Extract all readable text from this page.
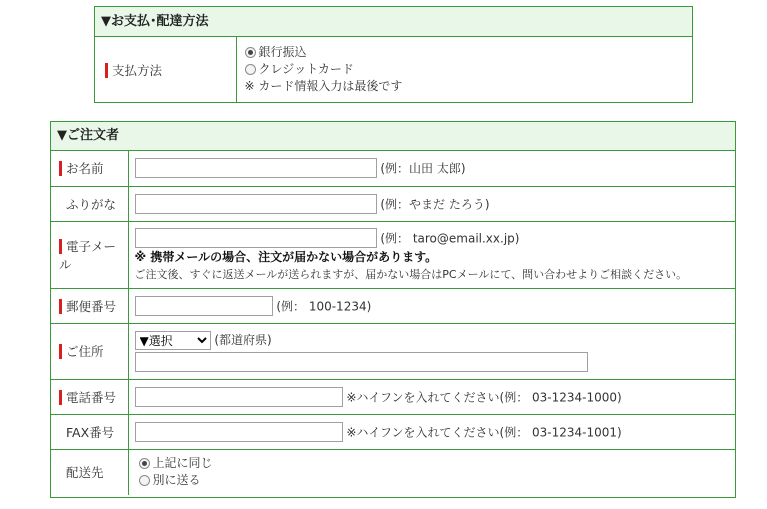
▼お支払･配達方法
支払方法

銀行振込
クレジットカード
※ カード情報入力は最後です
▼ご注文者
お名前	(例：山田 太郎)

ふりがな	(例：やまだ たろう)

電子メール	(例： taro@email.xx.jp)
※ 携帯メールの場合、注文が届かない場合があります。
ご注文後、すぐに返送メールが送られますが、届かない場合はPCメールにて、問い合わせよりご相談ください。

郵便番号	(例： 100-1234)

ご住所

▼選択 (都道府県)

電話番号	※ハイフンを入れてください(例： 03-1234-1000)

FAX番号	※ハイフンを入れてください(例： 03-1234-1001)

配送先	上記に同じ
別に送る
